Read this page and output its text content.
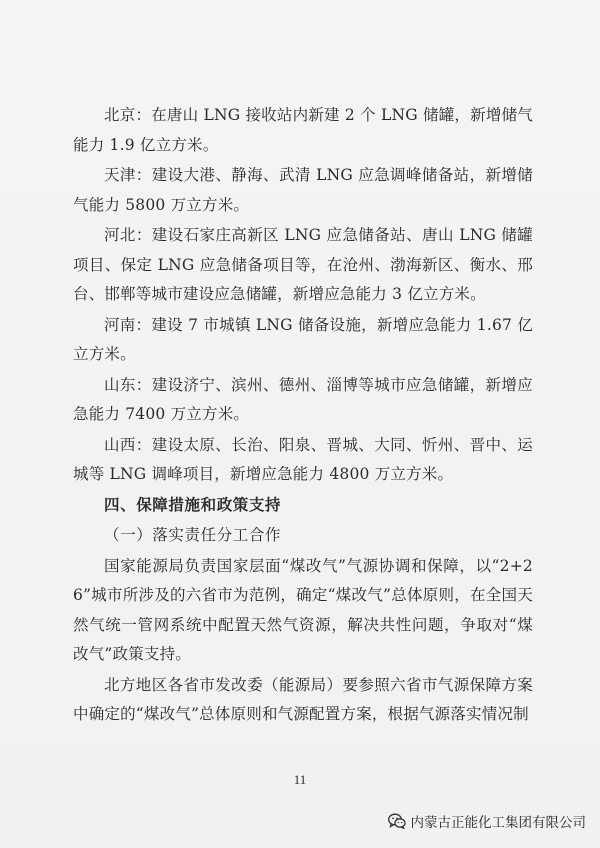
北京：在唐山 LNG 接收站内新建 2 个 LNG 储罐，新增储气能力 1.9 亿立方米。

天津：建设大港、静海、武清 LNG 应急调峰储备站，新增储气能力 5800 万立方米。

河北：建设石家庄高新区 LNG 应急储备站、唐山 LNG 储罐项目、保定 LNG 应急储备项目等，在沧州、渤海新区、衡水、邢台、邯郸等城市建设应急储罐，新增应急能力 3 亿立方米。

河南：建设 7 市城镇 LNG 储备设施，新增应急能力 1.67 亿立方米。

山东：建设济宁、滨州、德州、淄博等城市应急储罐，新增应急能力 7400 万立方米。

山西：建设太原、长治、阳泉、晋城、大同、忻州、晋中、运城等 LNG 调峰项目，新增应急能力 4800 万立方米。

四、保障措施和政策支持

（一）落实责任分工合作

国家能源局负责国家层面“煤改气”气源协调和保障，以“2+26”城市所涉及的六省市为范例，确定“煤改气”总体原则，在全国天然气统一管网系统中配置天然气资源，解决共性问题，争取对“煤改气”政策支持。

北方地区各省市发改委（能源局）要参照六省市气源保障方案中确定的“煤改气”总体原则和气源配置方案，根据气源落实情况制

11
内蒙古正能化工集团有限公司
